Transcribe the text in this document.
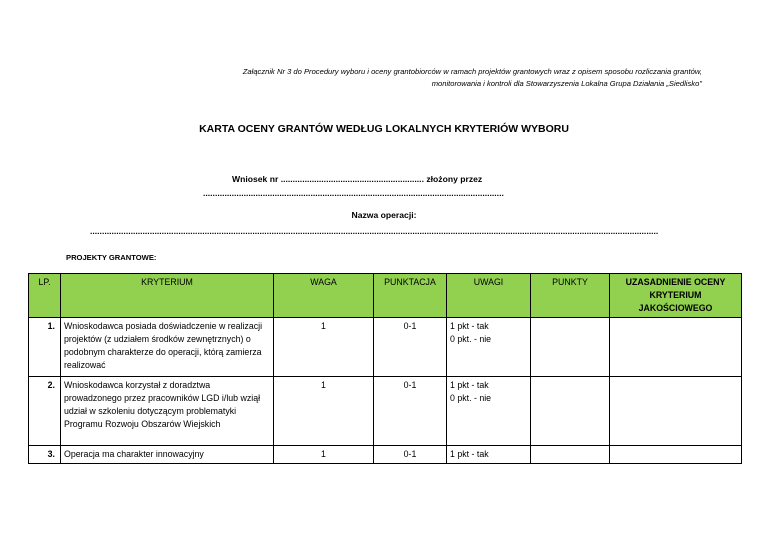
Załącznik Nr 3 do Procedury wyboru i oceny grantobiorców w ramach projektów grantowych wraz z opisem sposobu rozliczania grantów,
monitorowania i kontroli dla Stowarzyszenia Lokalna Grupa Działania „Siedlisko"
KARTA OCENY GRANTÓW WEDŁUG LOKALNYCH KRYTERIÓW WYBORU
Wniosek nr ............................................................ złożony przez
..............................................................................................................................
Nazwa operacji:
..............................................................................................................................................................................................................................................
PROJEKTY GRANTOWE:
LP.	KRYTERIUM	WAGA	PUNKTACJA	UWAGI	PUNKTY	UZASADNIENIE OCENY KRYTERIUM JAKOŚCIOWEGO
1.	Wnioskodawca posiada doświadczenie w realizacji projektów (z udziałem środków zewnętrznych) o podobnym charakterze do operacji, którą zamierza realizować	1	0-1	1 pkt - tak
0 pkt. - nie		

2.	Wnioskodawca korzystał z doradztwa prowadzonego przez pracowników LGD i/lub wziął udział w szkoleniu dotyczącym problematyki Programu Rozwoju Obszarów Wiejskich	1	0-1	1 pkt - tak
0 pkt. - nie		

3.	Operacja ma charakter innowacyjny	1	0-1	1 pkt - tak		
